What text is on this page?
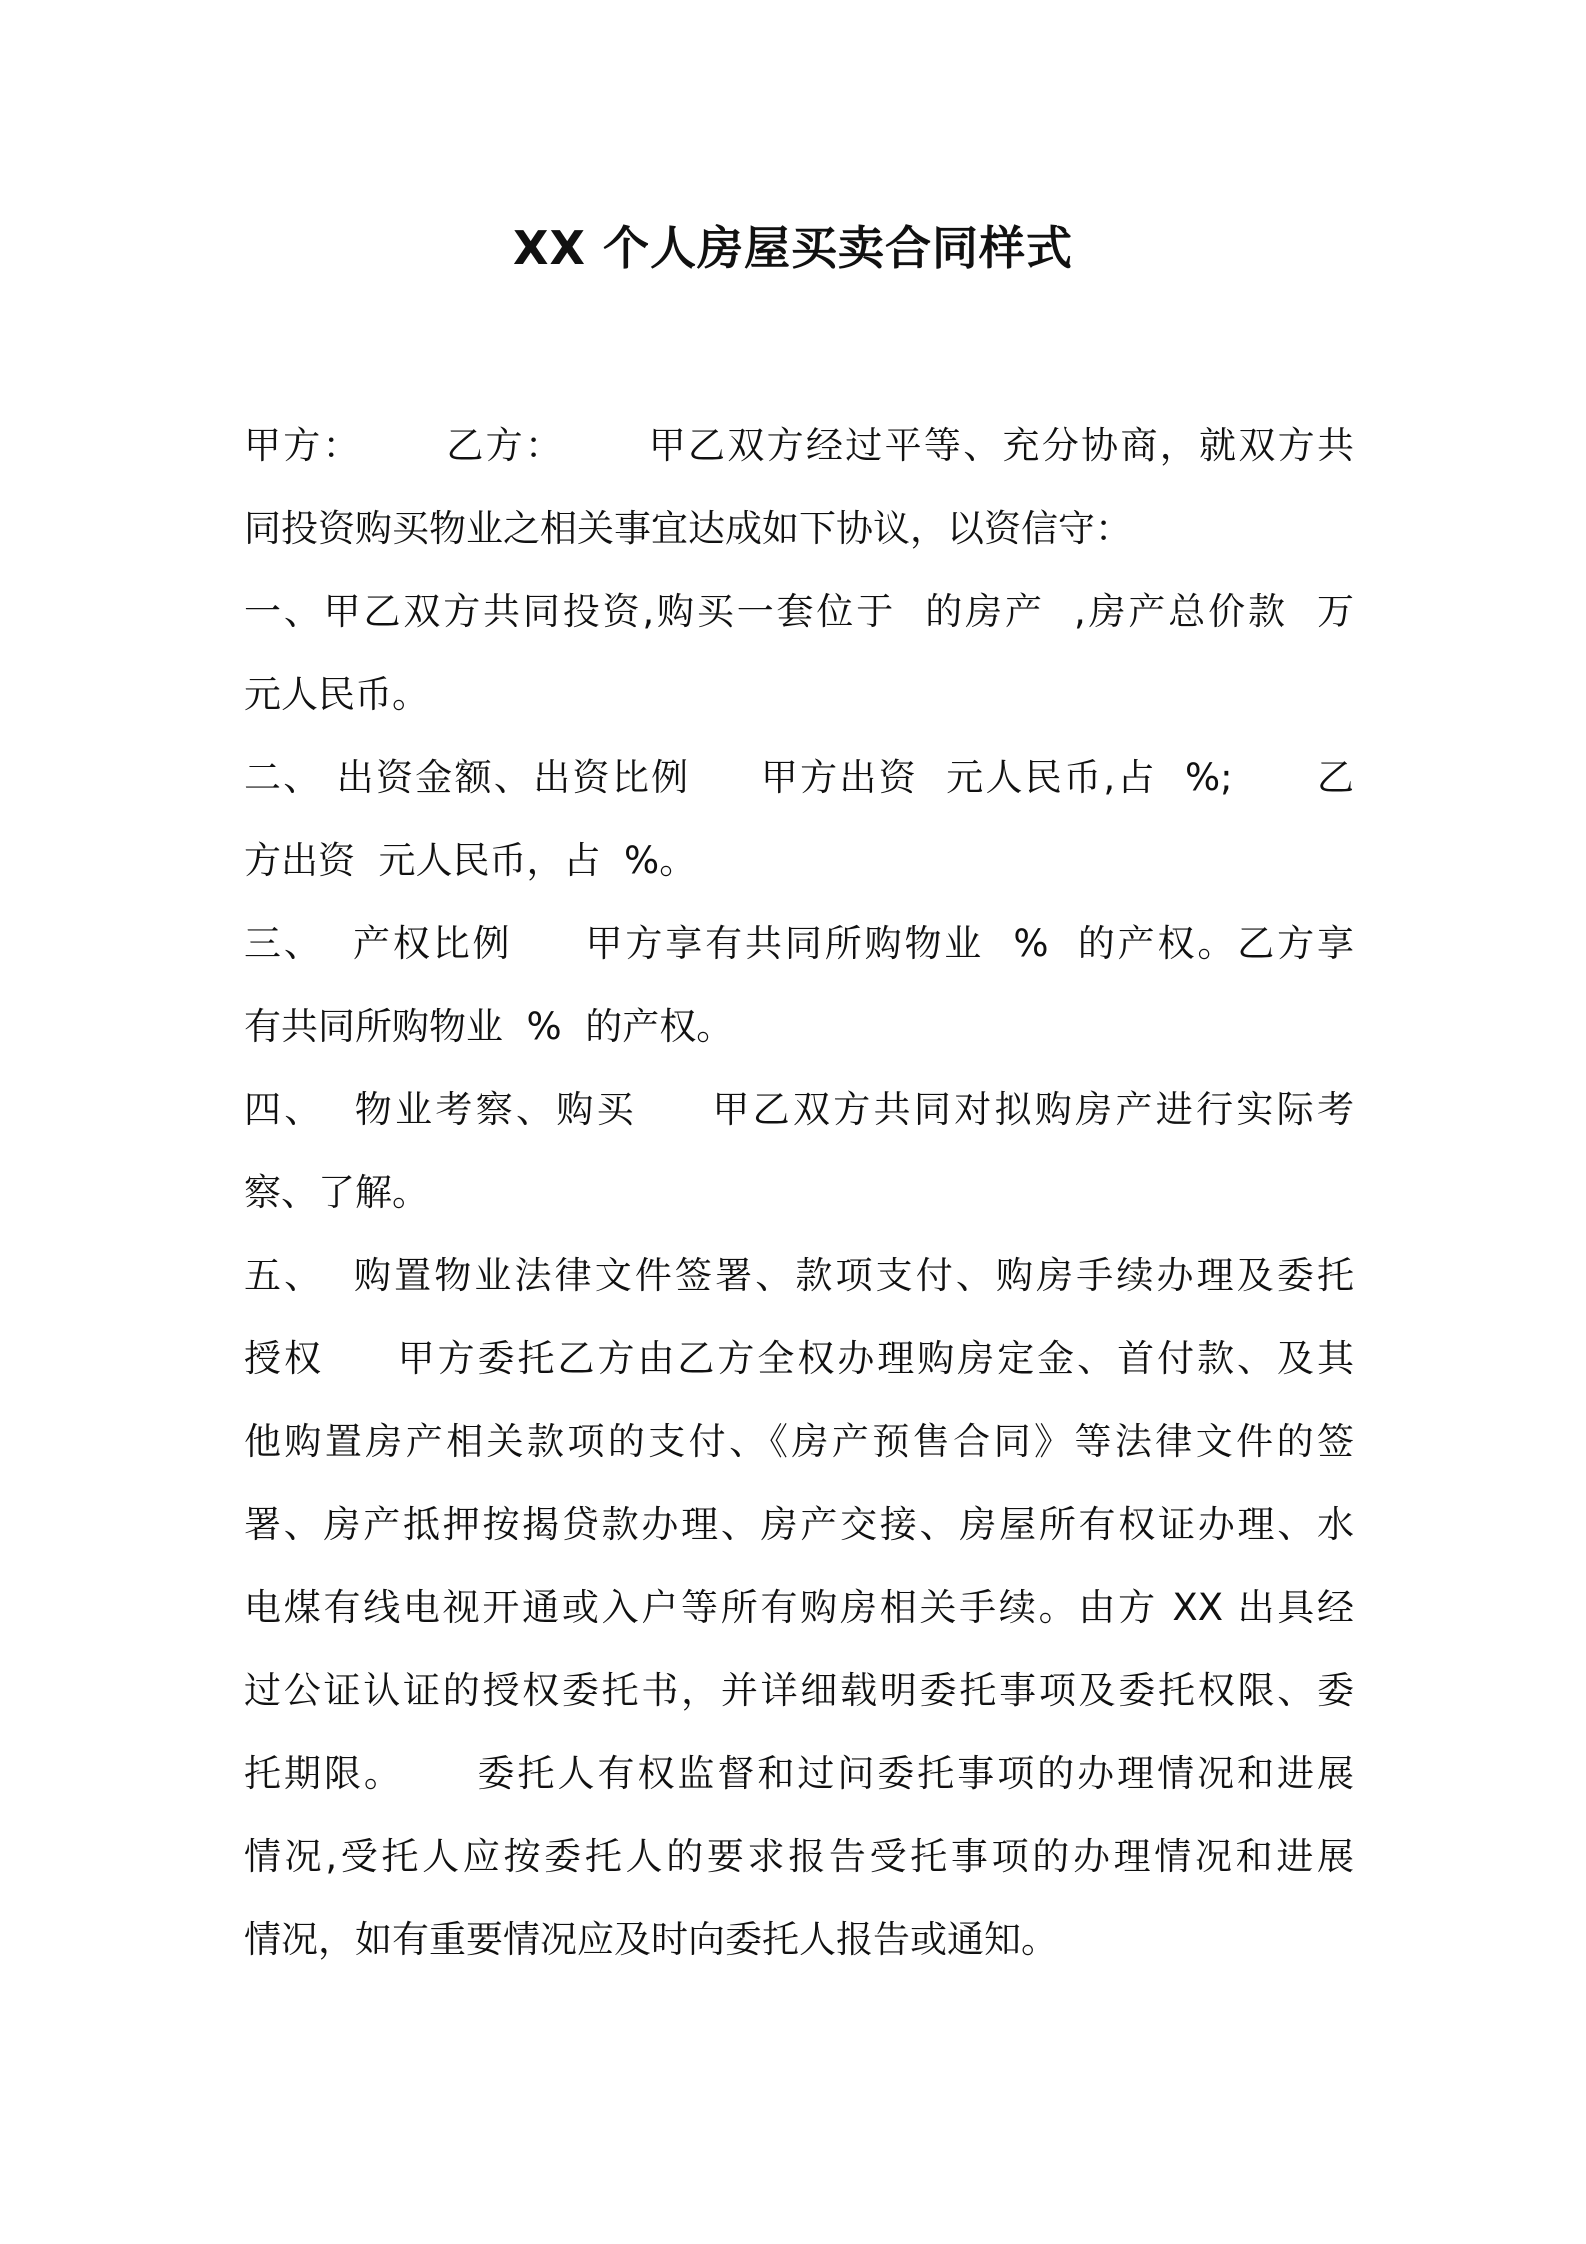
XX 个人房屋买卖合同样式
甲方：      乙方：      甲乙双方经过平等、充分协商，就双方共
同投资购买物业之相关事宜达成如下协议，以资信守：
一、甲乙双方共同投资,购买一套位于  的房产  ,房产总价款  万
元人民币。
二、 出资金额、出资比例     甲方出资  元人民币,占  %;      乙
方出资  元人民币，占  %。
三、  产权比例     甲方享有共同所购物业  %  的产权。乙方享
有共同所购物业  %  的产权。
四、  物业考察、购买     甲乙双方共同对拟购房产进行实际考
察、了解。
五、  购置物业法律文件签署、款项支付、购房手续办理及委托
授权     甲方委托乙方由乙方全权办理购房定金、首付款、及其
他购置房产相关款项的支付、《房产预售合同》等法律文件的签
署、房产抵押按揭贷款办理、房产交接、房屋所有权证办理、水
电煤有线电视开通或入户等所有购房相关手续。由方 XX 出具经
过公证认证的授权委托书，并详细载明委托事项及委托权限、委
托期限。     委托人有权监督和过问委托事项的办理情况和进展
情况,受托人应按委托人的要求报告受托事项的办理情况和进展
情况，如有重要情况应及时向委托人报告或通知。
